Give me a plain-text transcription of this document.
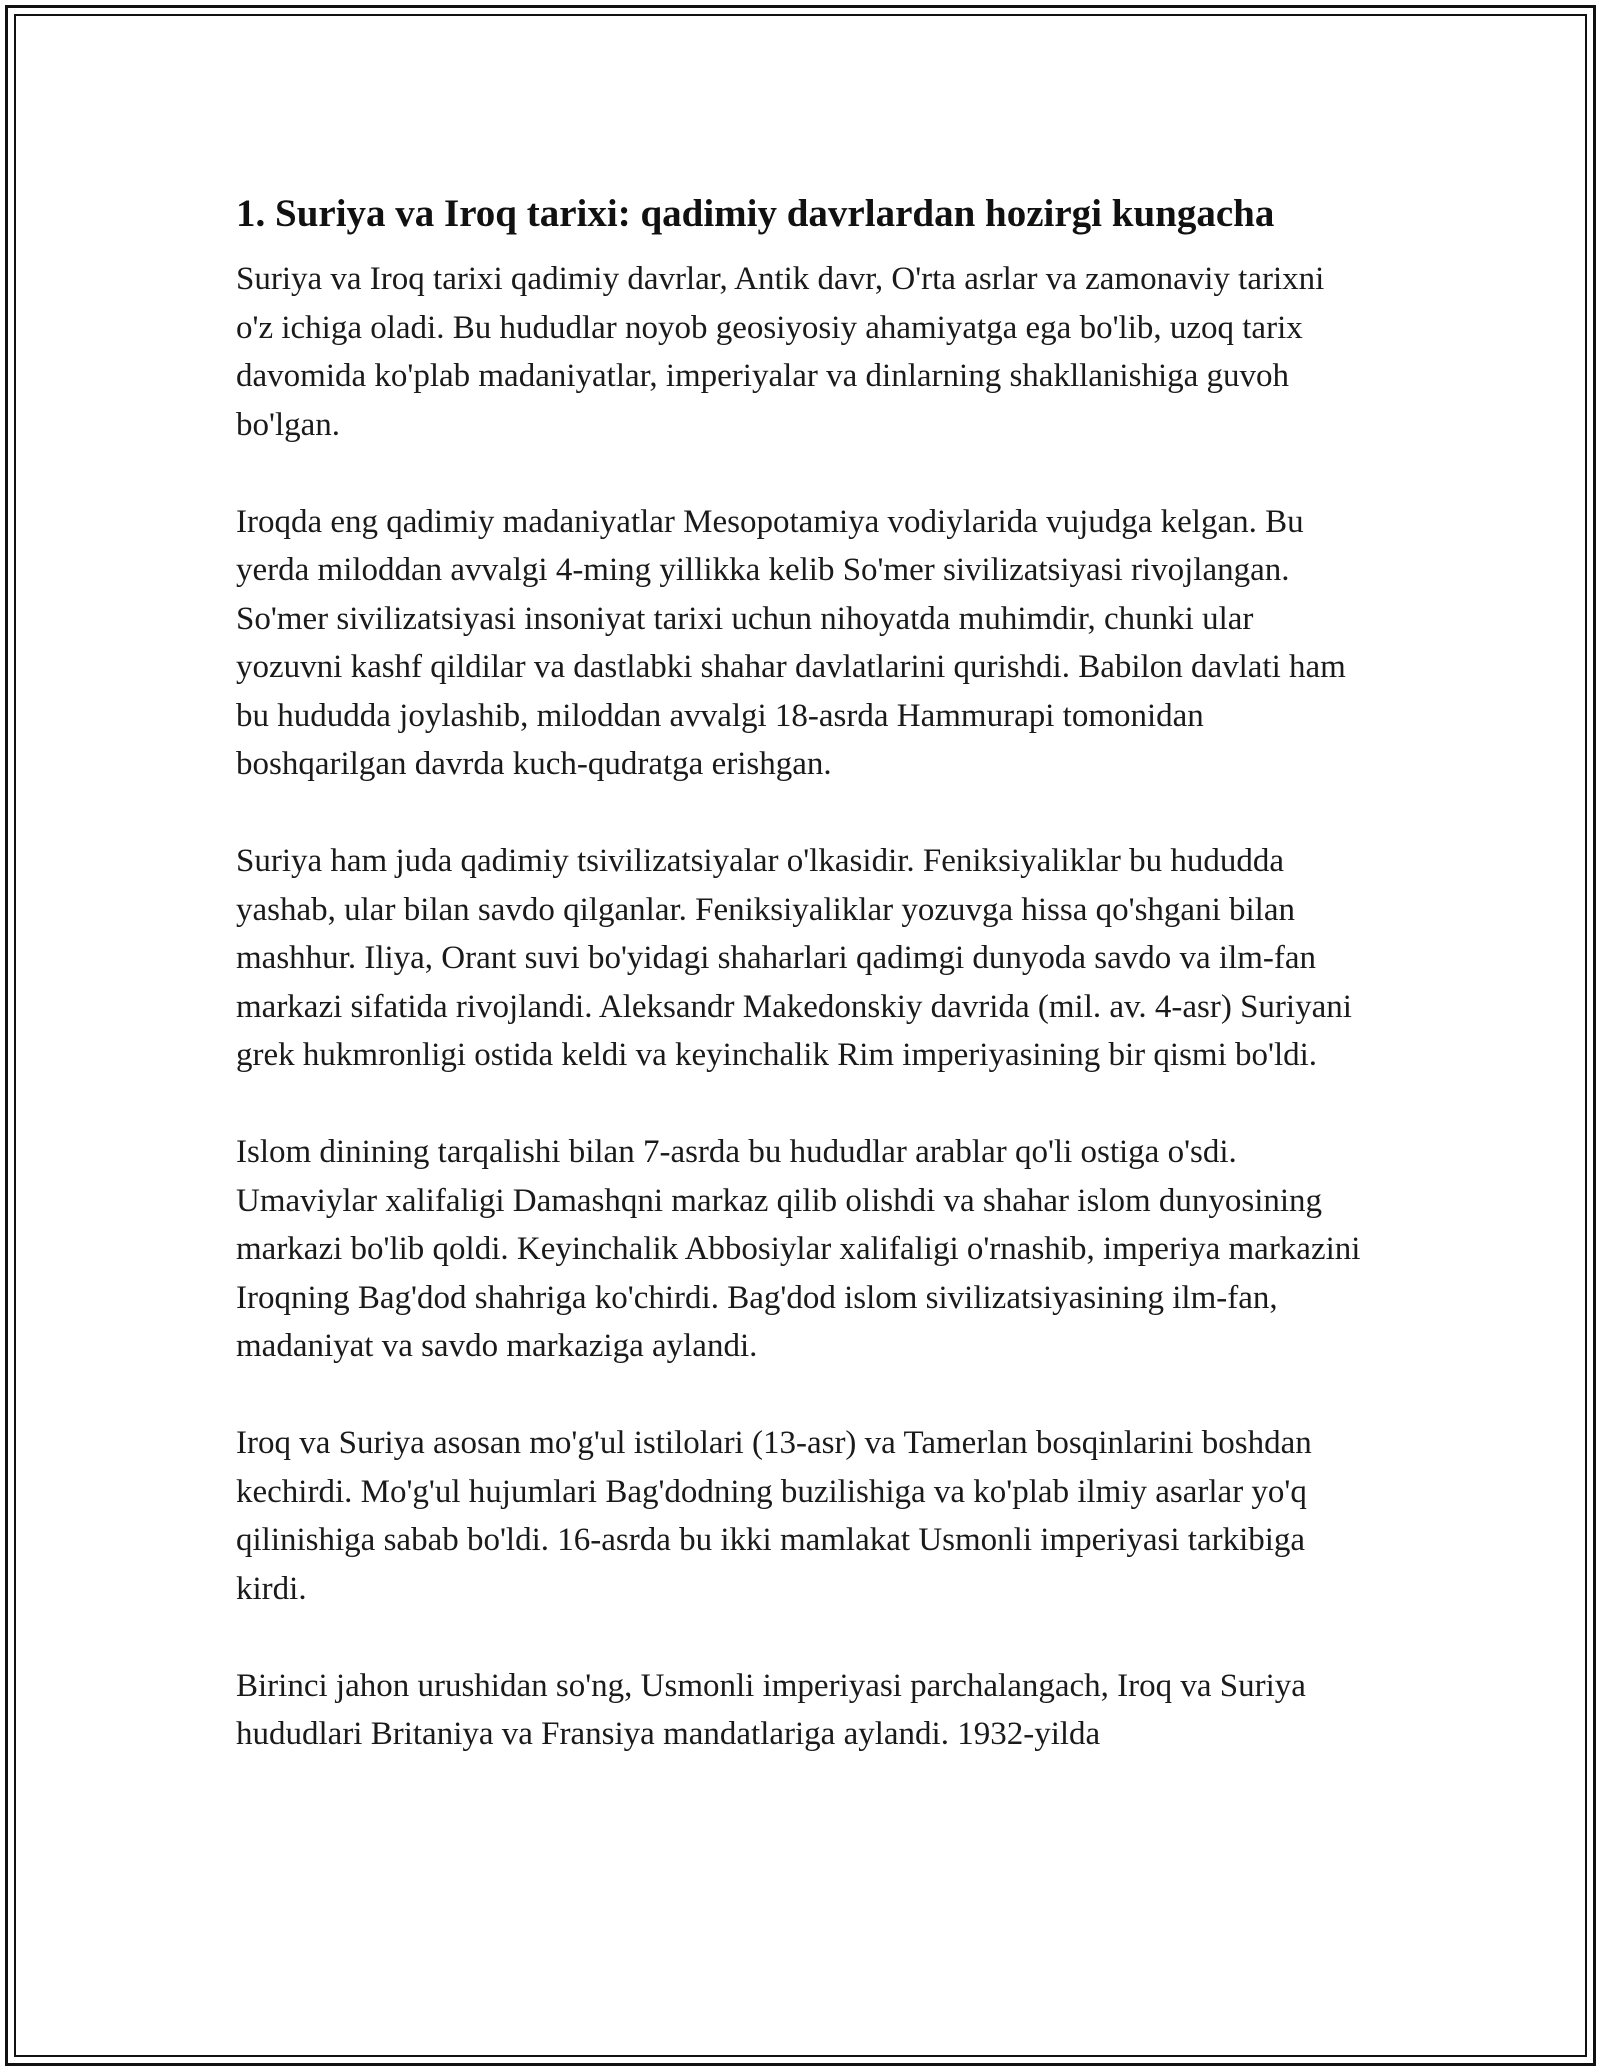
1. Suriya va Iroq tarixi: qadimiy davrlardan hozirgi kungacha

Suriya va Iroq tarixi qadimiy davrlar, Antik davr, O'rta asrlar va zamonaviy tarixni o'z ichiga oladi. Bu hududlar noyob geosiyosiy ahamiyatga ega bo'lib, uzoq tarix davomida ko'plab madaniyatlar, imperiyalar va dinlarning shakllanishiga guvoh bo'lgan.

Iroqda eng qadimiy madaniyatlar Mesopotamiya vodiylarida vujudga kelgan. Bu yerda miloddan avvalgi 4-ming yillikka kelib So'mer sivilizatsiyasi rivojlangan. So'mer sivilizatsiyasi insoniyat tarixi uchun nihoyatda muhimdir, chunki ular yozuvni kashf qildilar va dastlabki shahar davlatlarini qurishdi. Babilon davlati ham bu hududda joylashib, miloddan avvalgi 18-asrda Hammurapi tomonidan boshqarilgan davrda kuch-qudratga erishgan.

Suriya ham juda qadimiy tsivilizatsiyalar o'lkasidir. Feniksiyaliklar bu hududda yashab, ular bilan savdo qilganlar. Feniksiyaliklar yozuvga hissa qo'shgani bilan mashhur. Iliya, Orant suvi bo'yidagi shaharlari qadimgi dunyoda savdo va ilm-fan markazi sifatida rivojlandi. Aleksandr Makedonskiy davrida (mil. av. 4-asr) Suriyani grek hukmronligi ostida keldi va keyinchalik Rim imperiyasining bir qismi bo'ldi.

Islom dinining tarqalishi bilan 7-asrda bu hududlar arablar qo'li ostiga o'sdi. Umaviylar xalifaligi Damashqni markaz qilib olishdi va shahar islom dunyosining markazi bo'lib qoldi. Keyinchalik Abbosiylar xalifaligi o'rnashib, imperiya markazini Iroqning Bag'dod shahriga ko'chirdi. Bag'dod islom sivilizatsiyasining ilm-fan, madaniyat va savdo markaziga aylandi.

Iroq va Suriya asosan mo'g'ul istilolari (13-asr) va Tamerlan bosqinlarini boshdan kechirdi. Mo'g'ul hujumlari Bag'dodning buzilishiga va ko'plab ilmiy asarlar yo'q qilinishiga sabab bo'ldi. 16-asrda bu ikki mamlakat Usmonli imperiyasi tarkibiga kirdi.

Birinci jahon urushidan so'ng, Usmonli imperiyasi parchalangach, Iroq va Suriya hududlari Britaniya va Fransiya mandatlariga aylandi. 1932-yilda
